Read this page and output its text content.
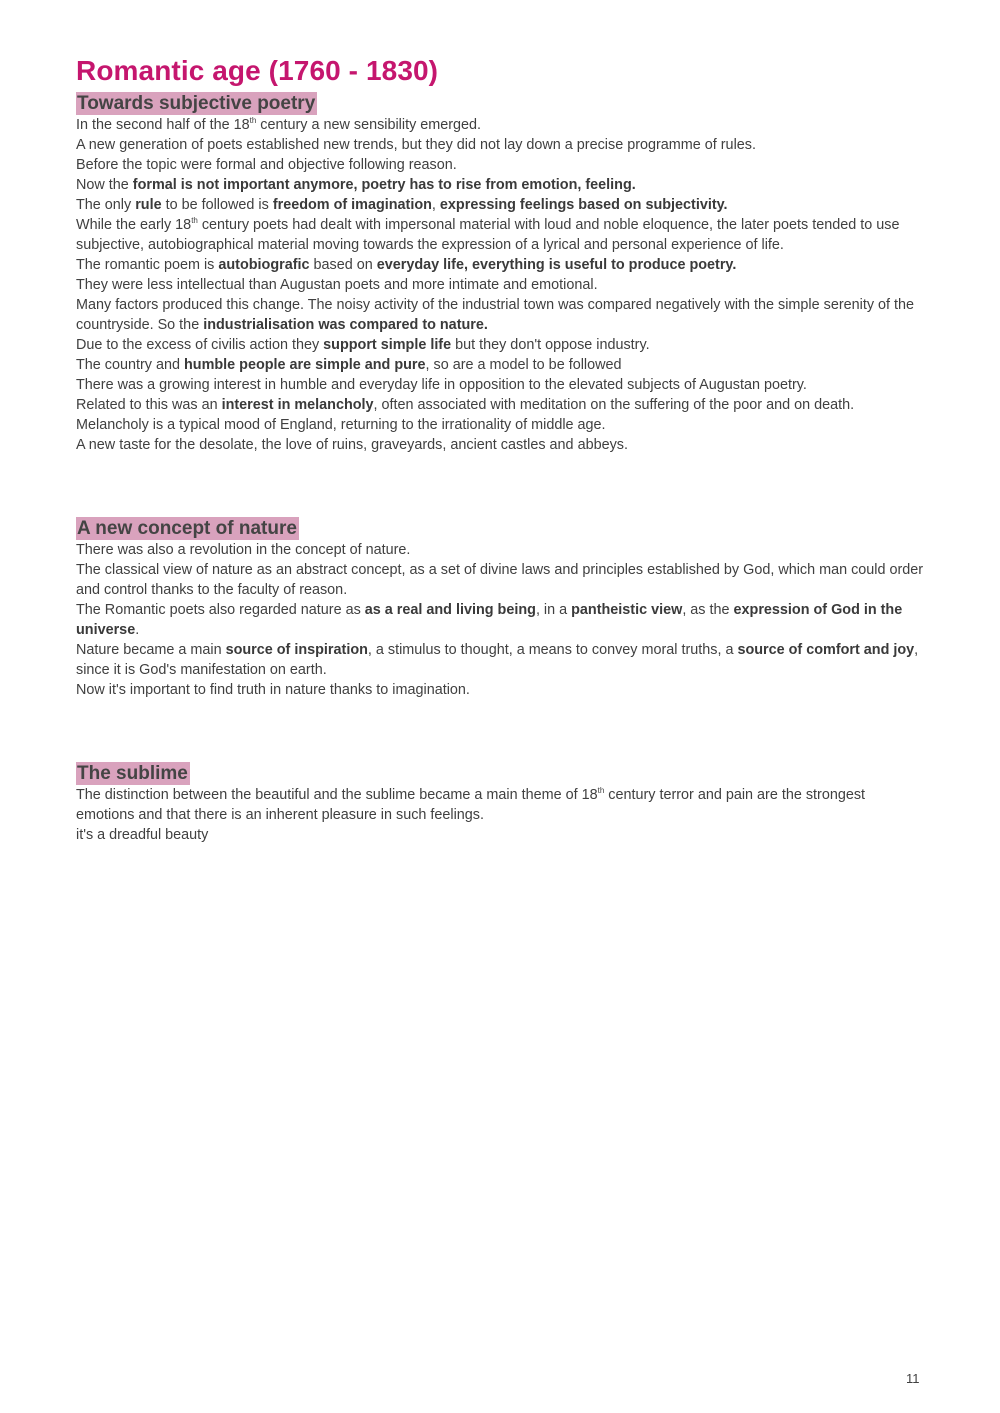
Romantic age (1760 - 1830)
Towards subjective poetry

In the second half of the 18th century a new sensibility emerged.

A new generation of poets established new trends, but they did not lay down a precise programme of rules.

Before the topic were formal and objective following reason.

Now the formal is not important anymore, poetry has to rise from emotion, feeling.

The only rule to be followed is freedom of imagination, expressing feelings based on subjectivity.

While the early 18th century poets had dealt with impersonal material with loud and noble eloquence, the later poets tended to use subjective, autobiographical material moving towards the expression of a lyrical and personal experience of life.

The romantic poem is autobiografic based on everyday life, everything is useful to produce poetry.

They were less intellectual than Augustan poets and more intimate and emotional.

Many factors produced this change. The noisy activity of the industrial town was compared negatively with the simple serenity of the countryside. So the industrialisation was compared to nature.

Due to the excess of civilis action they support simple life but they don't oppose industry.

The country and humble people are simple and pure, so are a model to be followed

There was a growing interest in humble and everyday life in opposition to the elevated subjects of Augustan poetry.

Related to this was an interest in melancholy, often associated with meditation on the suffering of the poor and on death.

Melancholy is a typical mood of England, returning to the irrationality of middle age.

A new taste for the desolate, the love of ruins, graveyards, ancient castles and abbeys.

A new concept of nature

There was also a revolution in the concept of nature.

The classical view of nature as an abstract concept, as a set of divine laws and principles established by God, which man could order and control thanks to the faculty of reason.

The Romantic poets also regarded nature as as a real and living being, in a pantheistic view, as the expression of God in the universe.

Nature became a main source of inspiration, a stimulus to thought, a means to convey moral truths, a source of comfort and joy, since it is God's manifestation on earth.

Now it's important to find truth in nature thanks to imagination.

The sublime

The distinction between the beautiful and the sublime became a main theme of 18th century terror and pain are the strongest emotions and that there is an inherent pleasure in such feelings.

it's a dreadful beauty

11
